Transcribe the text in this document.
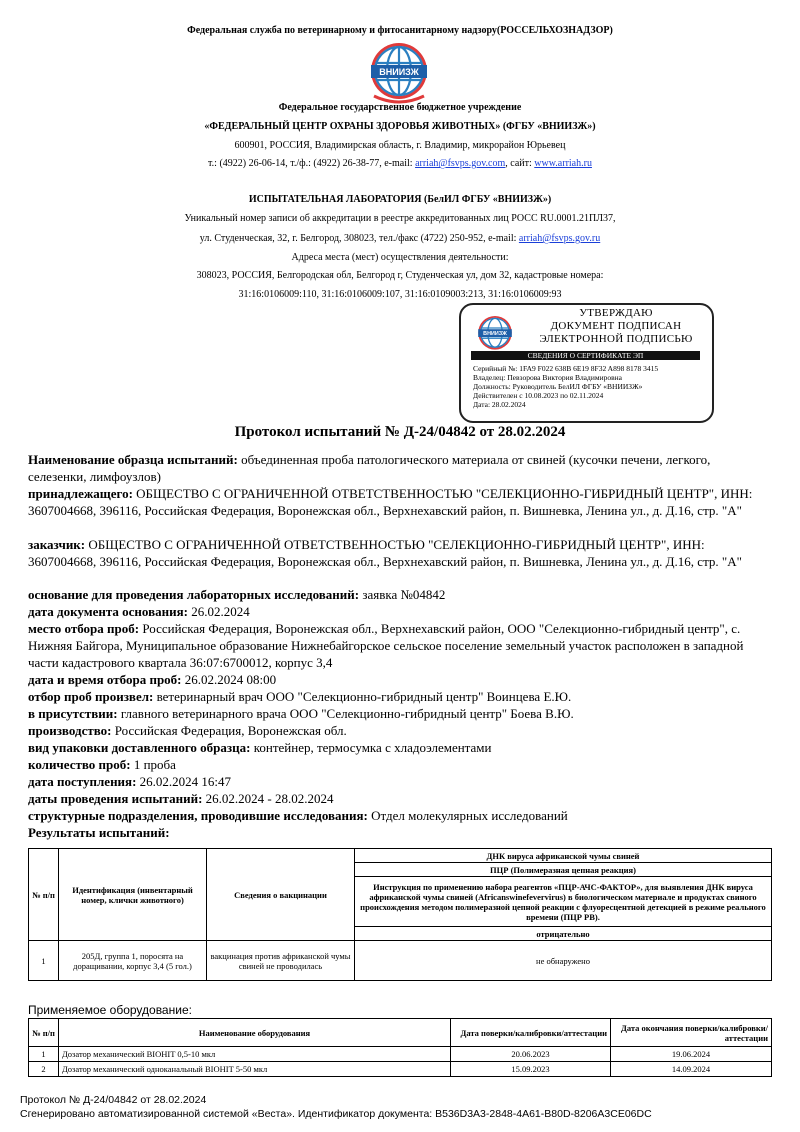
Федеральная служба по ветеринарному и фитосанитарному надзору(РОССЕЛЬХОЗНАДЗОР)
ВНИИЗЖ
Федеральное государственное бюджетное учреждение
«ФЕДЕРАЛЬНЫЙ ЦЕНТР ОХРАНЫ ЗДОРОВЬЯ ЖИВОТНЫХ» (ФГБУ «ВНИИЗЖ»)
600901, РОССИЯ, Владимирская область, г. Владимир, микрорайон Юрьевец
т.: (4922) 26-06-14, т./ф.: (4922) 26-38-77, e-mail: arriah@fsvps.gov.com, сайт: www.arriah.ru
ИСПЫТАТЕЛЬНАЯ ЛАБОРАТОРИЯ (БелИЛ ФГБУ «ВНИИЗЖ»)
Уникальный номер записи об аккредитации в реестре аккредитованных лиц РОСС RU.0001.21ПЛ37,
ул. Студенческая, 32, г. Белгород, 308023, тел./факс (4722) 250-952, e-mail: arriah@fsvps.gov.ru
Адреса места (мест) осуществления деятельности:
308023, РОССИЯ, Белгородская обл, Белгород г, Студенческая ул, дом 32, кадастровые номера:
31:16:0106009:110, 31:16:0106009:107, 31:16:0109003:213, 31:16:0106009:93
ВНИИЗЖ
УТВЕРЖДАЮ
ДОКУМЕНТ ПОДПИСАН
ЭЛЕКТРОННОЙ ПОДПИСЬЮ
СВЕДЕНИЯ О СЕРТИФИКАТЕ ЭП
Серийный №: 1FA9 F022 638B 6E19 8F32 A898 8178 3415
Владелец: Певзорова Виктория Владимировна
Должность: Руководитель БелИЛ ФГБУ «ВНИИЗЖ»
Действителен с 10.08.2023 по 02.11.2024
Дата: 28.02.2024
Протокол испытаний № Д-24/04842 от 28.02.2024
Наименование образца испытаний: объединенная проба патологического материала от свиней (кусочки печени, легкого, селезенки, лимфоузлов)
принадлежащего: ОБЩЕСТВО С ОГРАНИЧЕННОЙ ОТВЕТСТВЕННОСТЬЮ "СЕЛЕКЦИОННО-ГИБРИДНЫЙ ЦЕНТР", ИНН: 3607004668, 396116, Российская Федерация, Воронежская обл., Верхнехавский район, п. Вишневка, Ленина ул., д. Д.16, стр. "А"
заказчик: ОБЩЕСТВО С ОГРАНИЧЕННОЙ ОТВЕТСТВЕННОСТЬЮ "СЕЛЕКЦИОННО-ГИБРИДНЫЙ ЦЕНТР", ИНН: 3607004668, 396116, Российская Федерация, Воронежская обл., Верхнехавский район, п. Вишневка, Ленина ул., д. Д.16, стр. "А"
основание для проведения лабораторных исследований: заявка №04842
дата документа основания: 26.02.2024
место отбора проб: Российская Федерация, Воронежская обл., Верхнехавский район, ООО "Селекционно-гибридный центр", с. Нижняя Байгора, Муниципальное образование Нижнебайгорское сельское поселение земельный участок расположен в западной части кадастрового квартала 36:07:6700012, корпус 3,4
дата и время отбора проб: 26.02.2024 08:00
отбор проб произвел: ветеринарный врач ООО "Селекционно-гибридный центр" Воинцева Е.Ю.
в присутствии: главного ветеринарного врача ООО "Селекционно-гибридный центр" Боева В.Ю.
производство: Российская Федерация, Воронежская обл.
вид упаковки доставленного образца: контейнер, термосумка с хладоэлементами
количество проб: 1 проба
дата поступления: 26.02.2024 16:47
даты проведения испытаний: 26.02.2024 - 28.02.2024
структурные подразделения, проводившие исследования: Отдел молекулярных исследований
Результаты испытаний:
№ п/п	Идентификация (инвентарный номер, клички животного)	Сведения о вакцинации	ДНК вируса африканской чумы свиней
			ПЦР (Полимеразная цепная реакция)
			Инструкция по применению набора реагентов «ПЦР-АЧС-ФАКТОР», для выявления ДНК вируса африканской чумы свиней (Africanswinefevervirus) в биологическом материале и продуктах свиного происхождения методом полимеразной цепной реакции с флуоресцентной детекцией в режиме реального времени (ПЦР РВ).
			отрицательно

1	205Д, группа 1, поросята на доращивании, корпус 3,4 (5 гол.)	вакцинация против африканской чумы свиней не проводилась	не обнаружено
Применяемое оборудование:
№ п/п	Наименование оборудования	Дата поверки/калибровки/аттестации	Дата окончания поверки/калибровки/аттестации
1	Дозатор механический BIOHIT 0,5-10 мкл	20.06.2023	19.06.2024
2	Дозатор механический одноканальный BIOHIT 5-50 мкл	15.09.2023	14.09.2024
Протокол № Д-24/04842 от 28.02.2024
Сгенерировано автоматизированной системой «Веста». Идентификатор документа: B536D3A3-2848-4A61-B80D-8206A3CE06DC
